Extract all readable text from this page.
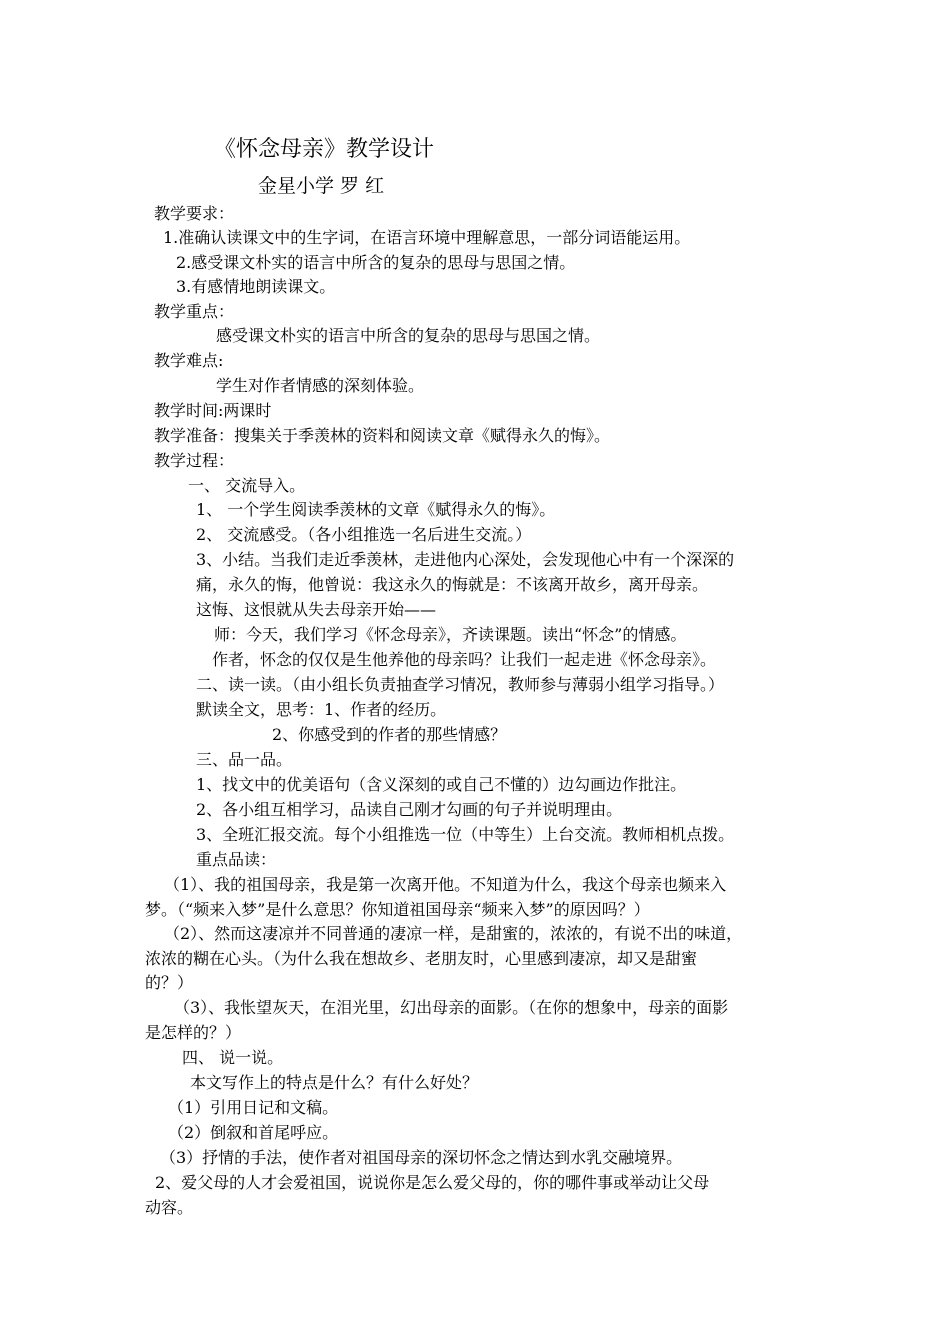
《怀念母亲》教学设计
金星小学 罗 红
教学要求：
1.准确认读课文中的生字词，在语言环境中理解意思，一部分词语能运用。
2.感受课文朴实的语言中所含的复杂的思母与思国之情。
3.有感情地朗读课文。
教学重点：
感受课文朴实的语言中所含的复杂的思母与思国之情。
教学难点:
学生对作者情感的深刻体验。
教学时间:两课时
教学准备：搜集关于季羡林的资料和阅读文章《赋得永久的悔》。
教学过程：
一、 交流导入。
1、 一个学生阅读季羡林的文章《赋得永久的悔》。
2、 交流感受。（各小组推选一名后进生交流。）
3、小结。当我们走近季羡林，走进他内心深处，会发现他心中有一个深深的
痛，永久的悔，他曾说：我这永久的悔就是：不该离开故乡，离开母亲。
这悔、这恨就从失去母亲开始——
师：今天，我们学习《怀念母亲》，齐读课题。读出“怀念”的情感。
作者，怀念的仅仅是生他养他的母亲吗？让我们一起走进《怀念母亲》。
二、读一读。（由小组长负责抽查学习情况，教师参与薄弱小组学习指导。）
默读全文，思考：1、作者的经历。
2、你感受到的作者的那些情感？
三、品一品。
1、找文中的优美语句（含义深刻的或自己不懂的）边勾画边作批注。
2、各小组互相学习，品读自己刚才勾画的句子并说明理由。
3、全班汇报交流。每个小组推选一位（中等生）上台交流。教师相机点拨。
重点品读：
（1）、我的祖国母亲，我是第一次离开他。不知道为什么，我这个母亲也频来入
梦。（“频来入梦”是什么意思？你知道祖国母亲“频来入梦”的原因吗？）
（2）、然而这凄凉并不同普通的凄凉一样，是甜蜜的，浓浓的，有说不出的味道，
浓浓的糊在心头。（为什么我在想故乡、老朋友时，心里感到凄凉，却又是甜蜜
的？）
（3）、我怅望灰天，在泪光里，幻出母亲的面影。（在你的想象中，母亲的面影
是怎样的？）
四、 说一说。
本文写作上的特点是什么？有什么好处？
（1）引用日记和文稿。
（2）倒叙和首尾呼应。
（3）抒情的手法，使作者对祖国母亲的深切怀念之情达到水乳交融境界。
2、爱父母的人才会爱祖国，说说你是怎么爱父母的，你的哪件事或举动让父母
动容。
